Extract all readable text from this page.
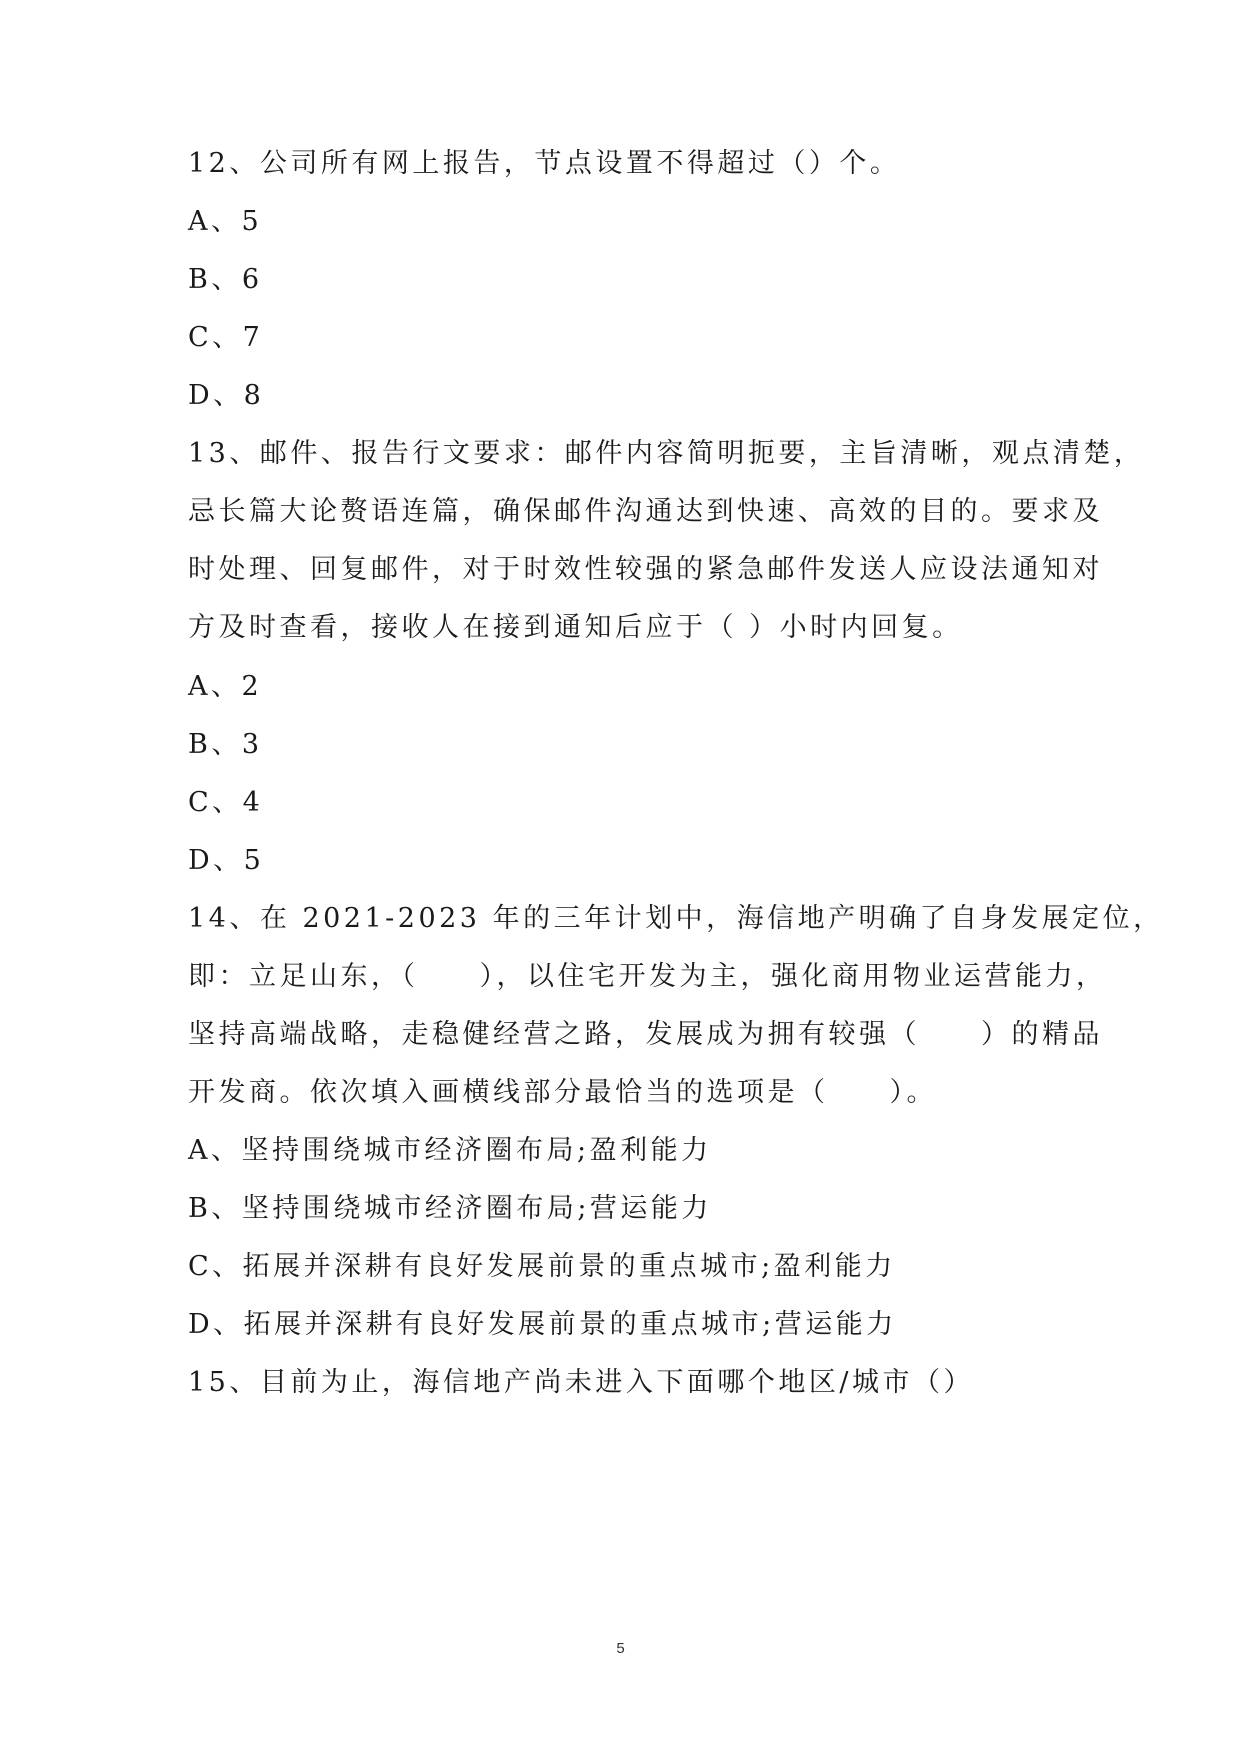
12、公司所有网上报告，节点设置不得超过（）个。
A、5
B、6
C、7
D、8
13、邮件、报告行文要求：邮件内容简明扼要，主旨清晰，观点清楚，
忌长篇大论赘语连篇，确保邮件沟通达到快速、高效的目的。要求及
时处理、回复邮件，对于时效性较强的紧急邮件发送人应设法通知对
方及时查看，接收人在接到通知后应于（ ）小时内回复。
A、2
B、3
C、4
D、5
14、在 2021-2023 年的三年计划中，海信地产明确了自身发展定位，
即：立足山东，（　　），以住宅开发为主，强化商用物业运营能力，
坚持高端战略，走稳健经营之路，发展成为拥有较强（　　）的精品
开发商。依次填入画横线部分最恰当的选项是（　　）。
A、坚持围绕城市经济圈布局;盈利能力
B、坚持围绕城市经济圈布局;营运能力
C、拓展并深耕有良好发展前景的重点城市;盈利能力
D、拓展并深耕有良好发展前景的重点城市;营运能力
15、目前为止，海信地产尚未进入下面哪个地区/城市（）
5
